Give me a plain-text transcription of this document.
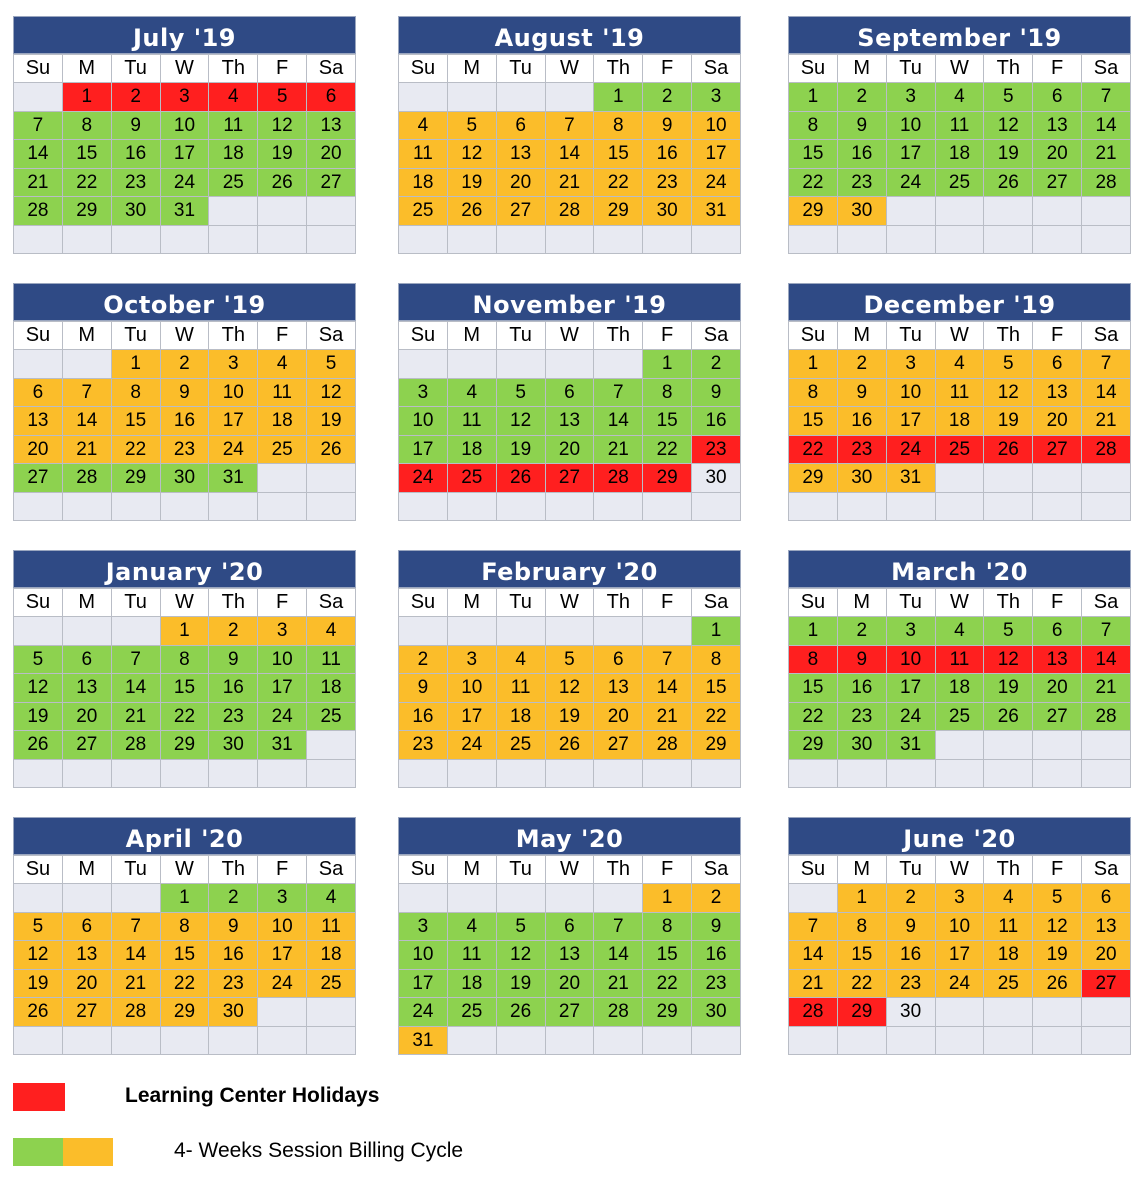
July '19
Su	M	Tu	W	Th	F	Sa
	1	2	3	4	5	6
7	8	9	10	11	12	13
14	15	16	17	18	19	20
21	22	23	24	25	26	27
28	29	30	31			

August '19
Su	M	Tu	W	Th	F	Sa
				1	2	3
4	5	6	7	8	9	10
11	12	13	14	15	16	17
18	19	20	21	22	23	24
25	26	27	28	29	30	31

September '19
Su	M	Tu	W	Th	F	Sa
1	2	3	4	5	6	7
8	9	10	11	12	13	14
15	16	17	18	19	20	21
22	23	24	25	26	27	28
29	30					

October '19
Su	M	Tu	W	Th	F	Sa
		1	2	3	4	5
6	7	8	9	10	11	12
13	14	15	16	17	18	19
20	21	22	23	24	25	26
27	28	29	30	31		

November '19
Su	M	Tu	W	Th	F	Sa
					1	2
3	4	5	6	7	8	9
10	11	12	13	14	15	16
17	18	19	20	21	22	23
24	25	26	27	28	29	30

December '19
Su	M	Tu	W	Th	F	Sa
1	2	3	4	5	6	7
8	9	10	11	12	13	14
15	16	17	18	19	20	21
22	23	24	25	26	27	28
29	30	31				

January '20
Su	M	Tu	W	Th	F	Sa
			1	2	3	4
5	6	7	8	9	10	11
12	13	14	15	16	17	18
19	20	21	22	23	24	25
26	27	28	29	30	31	

February '20
Su	M	Tu	W	Th	F	Sa
						1
2	3	4	5	6	7	8
9	10	11	12	13	14	15
16	17	18	19	20	21	22
23	24	25	26	27	28	29

March '20
Su	M	Tu	W	Th	F	Sa
1	2	3	4	5	6	7
8	9	10	11	12	13	14
15	16	17	18	19	20	21
22	23	24	25	26	27	28
29	30	31				

April '20
Su	M	Tu	W	Th	F	Sa
			1	2	3	4
5	6	7	8	9	10	11
12	13	14	15	16	17	18
19	20	21	22	23	24	25
26	27	28	29	30		

May '20
Su	M	Tu	W	Th	F	Sa
					1	2
3	4	5	6	7	8	9
10	11	12	13	14	15	16
17	18	19	20	21	22	23
24	25	26	27	28	29	30
31						
June '20
Su	M	Tu	W	Th	F	Sa
	1	2	3	4	5	6
7	8	9	10	11	12	13
14	15	16	17	18	19	20
21	22	23	24	25	26	27
28	29	30				

Learning Center Holidays
4- Weeks Session Billing Cycle
